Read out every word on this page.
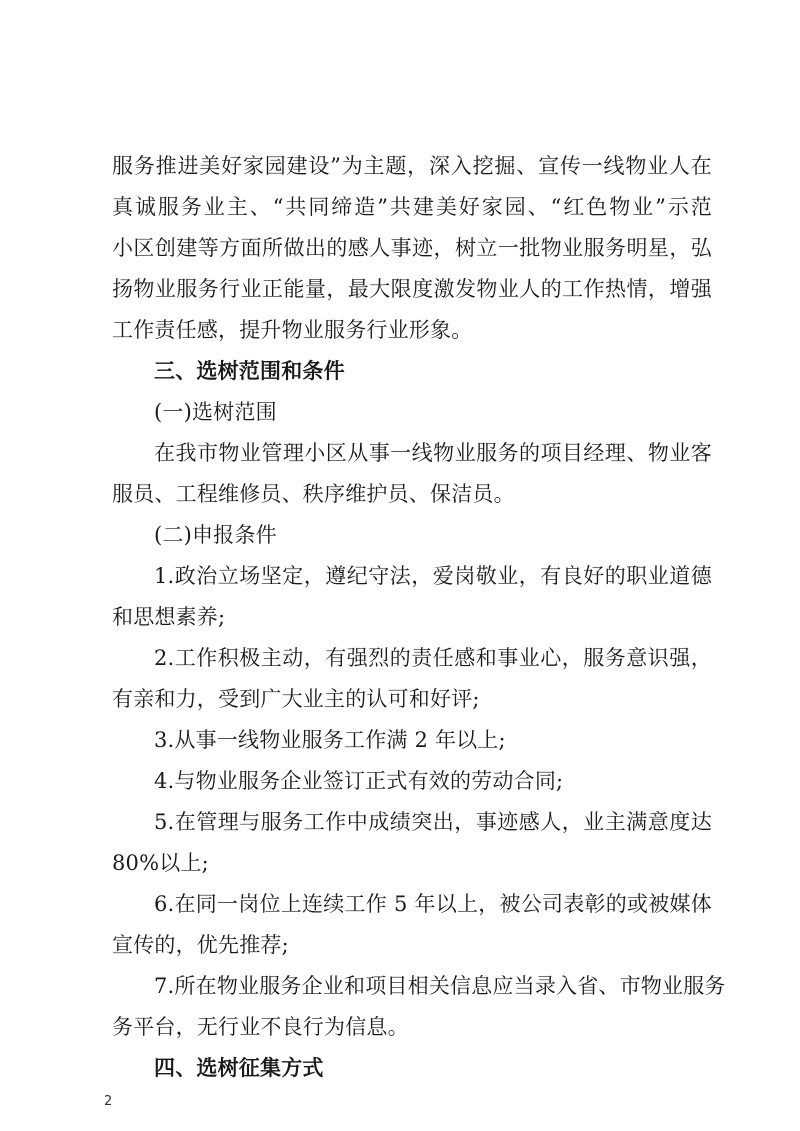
服务推进美好家园建设”为主题，深入挖掘、宣传一线物业人在
真诚服务业主、“共同缔造”共建美好家园、“红色物业”示范
小区创建等方面所做出的感人事迹，树立一批物业服务明星，弘
扬物业服务行业正能量，最大限度激发物业人的工作热情，增强
工作责任感，提升物业服务行业形象。
三、选树范围和条件
(一)选树范围
在我市物业管理小区从事一线物业服务的项目经理、物业客
服员、工程维修员、秩序维护员、保洁员。
(二)申报条件
1.政治立场坚定，遵纪守法，爱岗敬业，有良好的职业道德
和思想素养;
2.工作积极主动，有强烈的责任感和事业心，服务意识强，
有亲和力，受到广大业主的认可和好评;
3.从事一线物业服务工作满 2 年以上;
4.与物业服务企业签订正式有效的劳动合同;
5.在管理与服务工作中成绩突出，事迹感人，业主满意度达
80%以上;
6.在同一岗位上连续工作 5 年以上，被公司表彰的或被媒体
宣传的，优先推荐;
7.所在物业服务企业和项目相关信息应当录入省、市物业服务
务平台，无行业不良行为信息。
四、选树征集方式
2
